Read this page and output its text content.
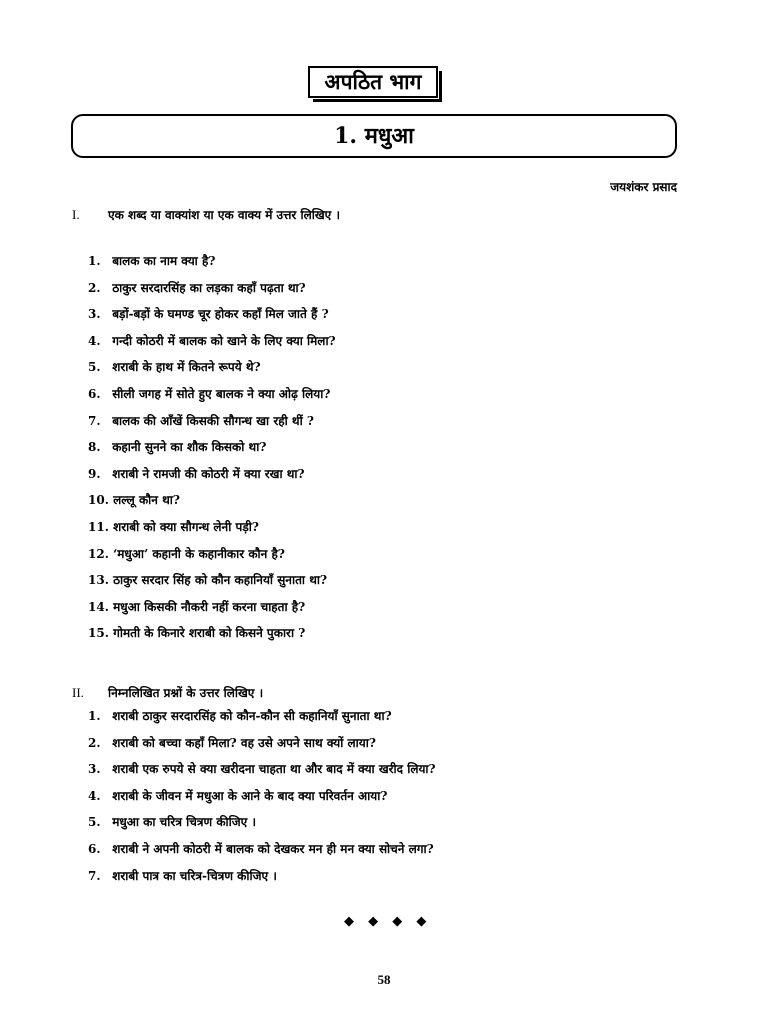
अपठित भाग
1. मधुआ
जयशंकर प्रसाद
I. एक शब्द या वाक्यांश या एक वाक्य में उत्तर लिखिए ।
1. बालक का नाम क्या है?
2. ठाकुर सरदारसिंह का लड़का कहाँ पढ़ता था?
3. बड़ों-बड़ों के घमण्ड चूर होकर कहाँ मिल जाते हैं ?
4. गन्दी कोठरी में बालक को खाने के लिए क्या मिला?
5. शराबी के हाथ में कितने रूपये थे?
6. सीली जगह में सोते हुए बालक ने क्या ओढ़ लिया?
7. बालक की आँखें किसकी सौगन्ध खा रही थीं ?
8. कहानी सुनने का शौक किसको था?
9. शराबी ने रामजी की कोठरी में क्या रखा था?
10. लल्लू कौन था?
11. शराबी को क्या सौगन्ध लेनी पड़ी?
12. ‘मधुआ’ कहानी के कहानीकार कौन है?
13. ठाकुर सरदार सिंह को कौन कहानियाँ सुनाता था?
14. मधुआ किसकी नौकरी नहीं करना चाहता है?
15. गोमती के किनारे शराबी को किसने पुकारा ?
II. निम्नलिखित प्रश्नों के उत्तर लिखिए ।
1. शराबी ठाकुर सरदारसिंह को कौन-कौन सी कहानियाँ सुनाता था?
2. शराबी को बच्चा कहाँ मिला? वह उसे अपने साथ क्यों लाया?
3. शराबी एक रुपये से क्या खरीदना चाहता था और बाद में क्या खरीद लिया?
4. शराबी के जीवन में मधुआ के आने के बाद क्या परिवर्तन आया?
5. मधुआ का चरित्र चित्रण कीजिए ।
6. शराबी ने अपनी कोठरी में बालक को देखकर मन ही मन क्या सोचने लगा?
7. शराबी पात्र का चरित्र-चित्रण कीजिए ।
◆ ◆ ◆ ◆
58
